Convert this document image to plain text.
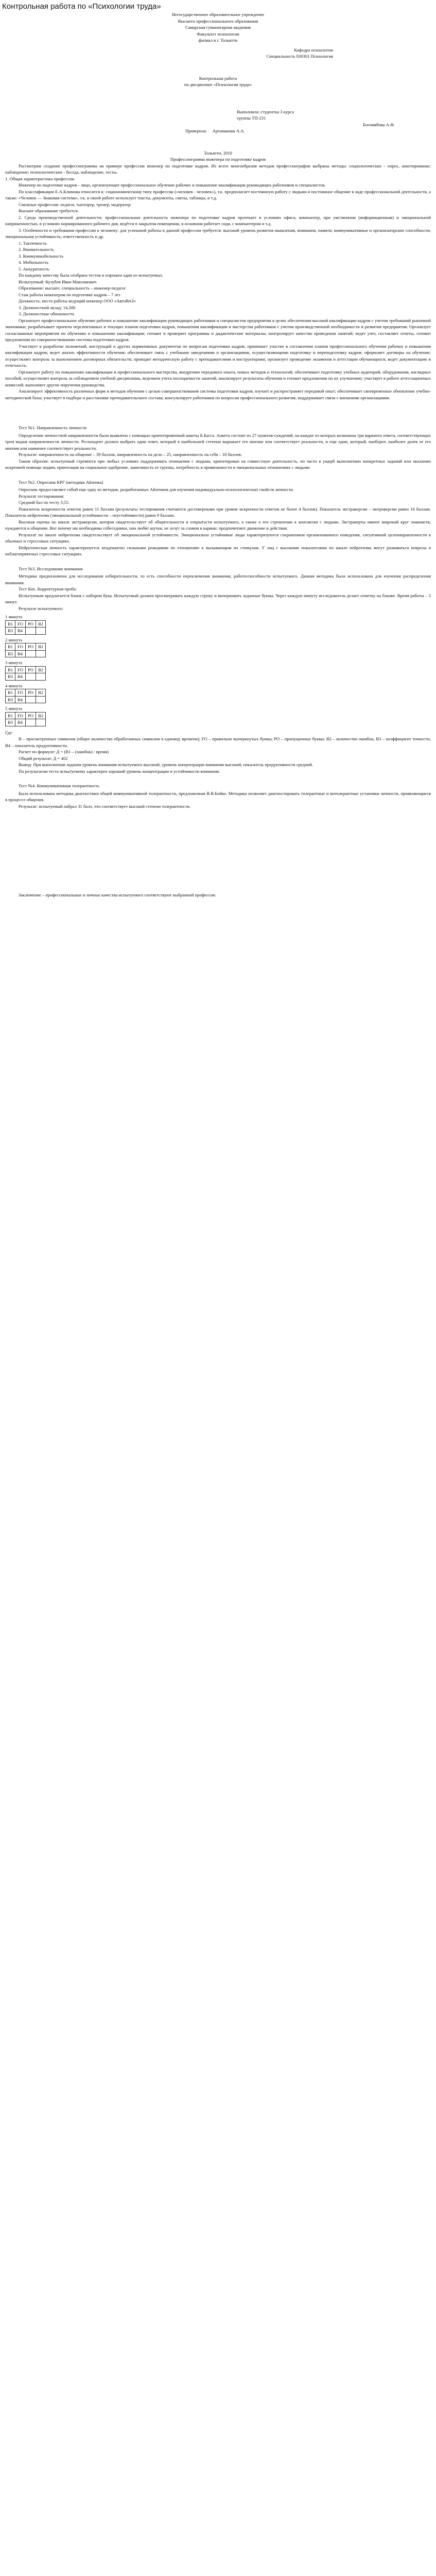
Контрольная работа по «Психологии труда»

Негосударственное образовательное учреждение

Высшего профессионального образования

Самарская гуманитарная академия

Факультет психологии

филиал в г. Тольятти

Кафедра психологии

Специальность 030301 Психология

Контрольная работа

по дисциплине «Психология труда»

Выполнила: студентка 3 курса

группы ТП-231

Богомябова А.Ф.

Проверила: Артаманова А.А.

Тольятти, 2010

Профессиограмма инженера по подготовке кадров

Рассмотрим создание профессиограммы на примере профессии инженер по подготовке кадров. Из всего многообразия методов профессиографии выбраны методы: социологические - опрос, анкетирование; наблюдение; психологические - беседа, наблюдение, тесты.

1. Общая характеристика профессии

Инженер по подготовке кадров - лицо, организующее профессиональное обучение рабочих и повышение квалификации руководящих работников и специалистов.

По классификации Е.А.Климова относится к: социономическому типу профессии («человек - человек»), т.к. предполагает постоянную работу с людьми и постоянное общение в ходе профессиональной деятельности, а также: «Человек — Знаковая система», т.к. в своей работе использует тексты, документы, сметы, таблицы, и т.д.

Смежные профессии: педагог, тьюторер, тренер, модератор

Высшее образование требуется.

2. Среда производственной деятельности: профессиональная деятельность инженера по подготовке кадров протекает в условиях офиса, компьютер, при умственном (информационная) и эмоциональной напряженностью, в условиях нормированного рабочего дня, ведётся в закрытом помещении, в основном работает сидя, с компьютером и т.д.

3. Особенности и требования профессии к человеку: для успешной работы в данной профессии требуется: высокий уровень развития мышления, внимания, памяти; коммуникативные и организаторские способности; эмоциональная устойчивость; ответственность и др.

1. Тактичность

2. Внимательность

3. Коммуникабельность

4. Мобильность

5. Аккуратность

По каждому качеству была отобрана тестов и опрошен один из испытуемых.

Испытуемый: Кузубов Иван Максимович

Образование: высшее, специальность – инженер-педагог

Стаж работы инженером по подготовке кадров – 7 лет

Должность: место работы ведущий инженер ООО «АвтоВАЗ»

3. Должностной оклад: 14,300

3. Должностные обязанности.

Организует профессиональное обучение рабочих и повышение квалификации руководящих работников и специалистов предприятия в целях обеспечения высокой квалификации кадров с учетом требований рыночной экономики; разрабатывает проекты перспективных и текущих планов подготовки кадров, повышения квалификации и мастерства работников с учетом производственной необходимости и развития предприятия. Организует согласованные мероприятия по обучению и повышению квалификации; готовит и проверяет программы и дидактические материалы; контролирует качество проведения занятий; ведет учет, составляет отчеты, готовит предложения по совершенствованию системы подготовки кадров.

Участвует в разработке положений, инструкций и других нормативных документов по вопросам подготовки кадров; принимает участие в составлении планов профессионального обучения рабочих и повышения квалификации кадров; ведет анализ эффективности обучения; обеспечивает связь с учебными заведениями и организациями, осуществляющими подготовку и переподготовку кадров; оформляет договоры на обучение; осуществляет контроль за выполнением договорных обязательств; проводит методическую работу с преподавателями и инструкторами; организует проведение экзаменов и аттестации обучающихся; ведет документацию и отчетность.

Организует работу по повышению квалификации и профессионального мастерства, внедрению передового опыта, новых методов и технологий; обеспечивает подготовку учебных аудиторий, оборудования, наглядных пособий; осуществляет контроль за соблюдением учебной дисциплины, ведением учета посещаемости занятий; анализирует результаты обучения и готовит предложения по их улучшению; участвует в работе аттестационных комиссий; выполняет другие поручения руководства.

Анализирует эффективность различных форм и методов обучения с целью совершенствования системы подготовки кадров; изучает и распространяет передовой опыт; обеспечивает своевременное обновление учебно-методической базы; участвует в подборе и расстановке преподавательского состава; консультирует работников по вопросам профессионального развития; поддерживает связи с внешними организациями.

Тест №1. Направленность личности

Определение личностной направленности было выявлено с помощью ориентировочной анкеты Б.Басса. Анкета состоит из 27 пунктов-суждений, на каждое из которых возможны три варианта ответа, соответствующих трем видам направленности личности. Респондент должен выбрать один ответ, который в наибольшей степени выражает его мнение или соответствует реальности, и еще один, который, наоборот, наиболее далек от его мнения или наименее соответствует реальности.

Результат: направленность на общение – 39 баллов, направленность на дело – 25, направленность на себя – 18 баллов.

Таким образом: испытуемый стремится при любых условиях поддерживать отношения с людьми, ориентирован на совместную деятельность, но часто в ущерб выполнению конкретных заданий или оказанию искренней помощи людям, ориентация на социальное одобрение, зависимость от группы, потребность в привязанности и эмоциональных отношениях с людьми.

Тест №2. Опросник КРГ (методика Айзенка)

Опросник предоставляет собой еще одну из методик, разработанных Айзенком для изучения индивидуально-психологических свойств личности.

Результат тестирования:

Средний бал по тесту 3,55.

Показатель искренности ответов равен 11 баллам (результаты тестирования считаются достоверными при уровне искренности ответов не более 4 баллов). Показатель экстраверсии – интроверсии равен 16 баллам. Показатель нейротизма (эмоциональной устойчивости – неустойчивости) равен 9 баллам.

Высокая оценка по шкале экстраверсии, которая свидетельствует об общительности и открытости испытуемого, а также о его стремлении к контактам с людьми. Экстраверты имеют широкий круг знакомств, нуждаются в общении. Вот почему им необходимы собеседники, они любят шутки, не лезут за словом в карман, предпочитают движение и действия.

Результат по шкале нейротизма свидетельствует об эмоциональной устойчивости. Эмоционально устойчивые люди характеризуются сохранением организованного поведения, ситуативной целенаправленности в обычных и стрессовых ситуациях.

Нейротическая личность характеризуется неадекватно сильными реакциями по отношению к вызывающим их стимулам. У лиц с высокими показателями по шкале нейротизма могут развиваться неврозы в неблагоприятных стрессовых ситуациях.

Тест №3. Исследование внимания

Методика предназначена для исследования избирательности, то есть способности переключения внимания, работоспособности испытуемого. Данная методика была использована для изучения распределения внимания.

Тест Кох. Корректурная проба:

Испытуемым предлагается бланк с набором букв. Испытуемый должен просматривать каждую строку и вычеркивать заданные буквы. Через каждую минуту исследователь делает отметку на бланке. Время работы – 5 минут.

Результат испытуемого:

1 минута

B1	FO	PO	B2
B3	B4		

2 минута

B1	FO	PO	B2
B3	B4		

3 минута

B1	FO	PO	B2
B3	B4		

4 минута

B1	FO	PO	B2
B3	B4		

5 минута

B1	FO	PO	B2
B3	B4		

Где:

В – просмотренных символов (общее количество обработанных символов в единицу времени); FO – правильно вычеркнутых буквы; PO – пропущенные буквы; В2 – количество ошибок; В3 – коэффициент точности; В4 – показатель продуктивности.

Расчет по формуле: Д = (В1 – (ошибок) / время)

Общий результат: Д = 402

Вывод: При выполнении задания уровень внимания испытуемого высокий, уровень концентрации внимания высокий, показатель продуктивности средний.

По результатам теста испытуемому характерен хороший уровень концентрации и устойчивости внимания.

Тест №4. Коммуникативная толерантность

Была использована методика диагностики общей коммуникативной толерантности, предложенная В.В.Бойко. Методика позволяет диагностировать толерантные и интолерантные установки личности, проявляющиеся в процессе общения.

Результат: испытуемый набрал 31 балл, что соответствует высокой степени толерантности.

Заключение – профессиональные и личные качества испытуемого соответствуют выбранной профессии.
